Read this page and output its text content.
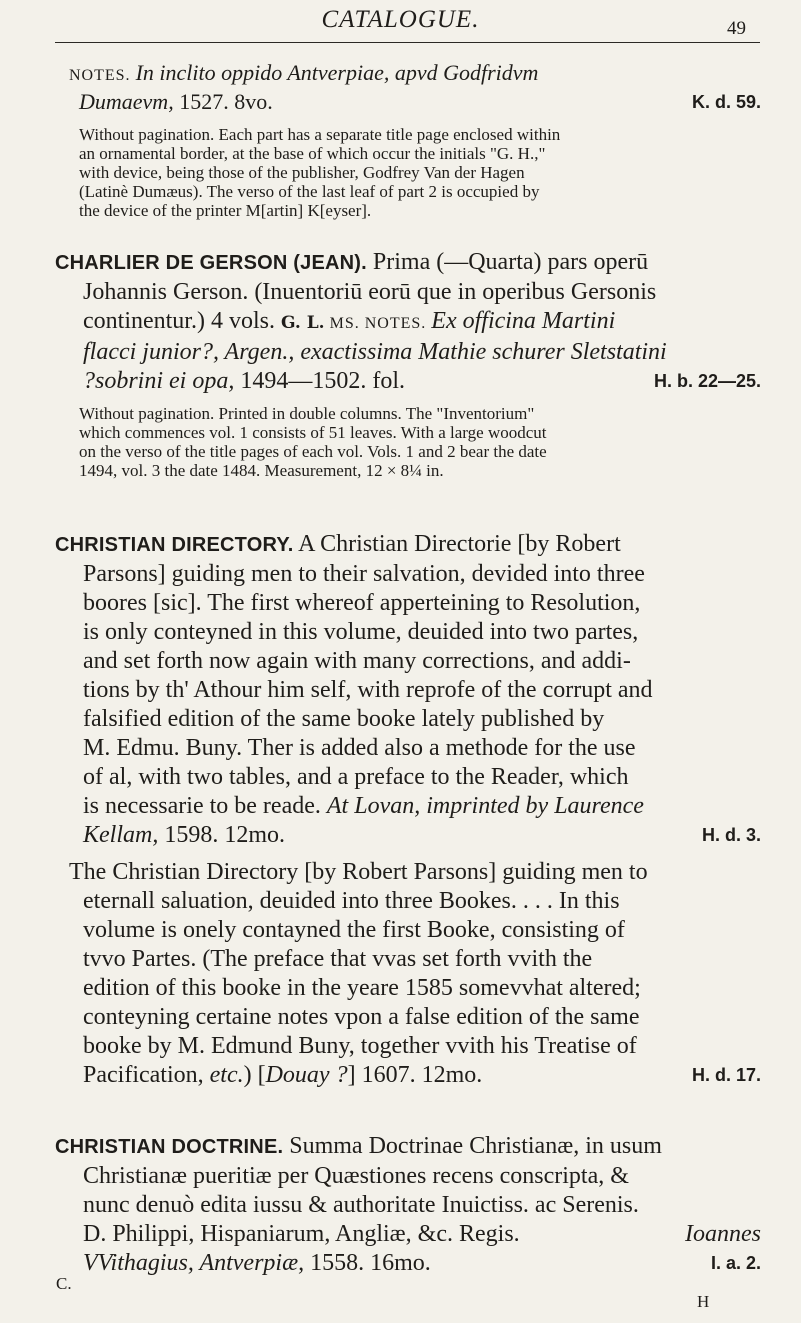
CATALOGUE.	49
NOTES. In inclito oppido Antverpiae, apvd Godfridvm
Dumaevm, 1527. 8vo.	K. d. 59.
Without pagination. Each part has a separate title page enclosed within
an ornamental border, at the base of which occur the initials "G. H.,"
with device, being those of the publisher, Godfrey Van der Hagen
(Latinè Dumæus). The verso of the last leaf of part 2 is occupied by
the device of the printer M[artin] K[eyser].
CHARLIER DE GERSON (JEAN). Prima (—Quarta) pars operū
Johannis Gerson. (Inuentoriū eorū que in operibus Gersonis
continentur.) 4 vols. G. L. MS. NOTES. Ex officina Martini
flacci junior?, Argen., exactissima Mathie schurer Sletstatini
?sobrini ei opa, 1494—1502. fol.	H. b. 22—25.
Without pagination. Printed in double columns. The "Inventorium"
which commences vol. 1 consists of 51 leaves. With a large woodcut
on the verso of the title pages of each vol. Vols. 1 and 2 bear the date
1494, vol. 3 the date 1484. Measurement, 12 × 8¼ in.
CHRISTIAN DIRECTORY. A Christian Directorie [by Robert
Parsons] guiding men to their salvation, devided into three
boores [sic]. The first whereof apperteining to Resolution,
is only conteyned in this volume, deuided into two partes,
and set forth now again with many corrections, and addi-
tions by th' Athour him self, with reprofe of the corrupt and
falsified edition of the same booke lately published by
M. Edmu. Buny. Ther is added also a methode for the use
of al, with two tables, and a preface to the Reader, which
is necessarie to be reade. At Lovan, imprinted by Laurence
Kellam, 1598. 12mo.	H. d. 3.
The Christian Directory [by Robert Parsons] guiding men to
eternall saluation, deuided into three Bookes. . . . In this
volume is onely contayned the first Booke, consisting of
tvvo Partes. (The preface that vvas set forth vvith the
edition of this booke in the yeare 1585 somevvhat altered;
conteyning certaine notes vpon a false edition of the same
booke by M. Edmund Buny, together vvith his Treatise of
Pacification, etc.) [Douay ?] 1607. 12mo.	H. d. 17.
CHRISTIAN DOCTRINE. Summa Doctrinae Christianæ, in usum
Christianæ pueritiæ per Quæstiones recens conscripta, &
nunc denuò edita iussu & authoritate Inuictiss. ac Serenis.
D. Philippi, Hispaniarum, Angliæ, &c. Regis.	Ioannes
VVithagius, Antverpiæ, 1558. 16mo.	I. a. 2.
C.
H
